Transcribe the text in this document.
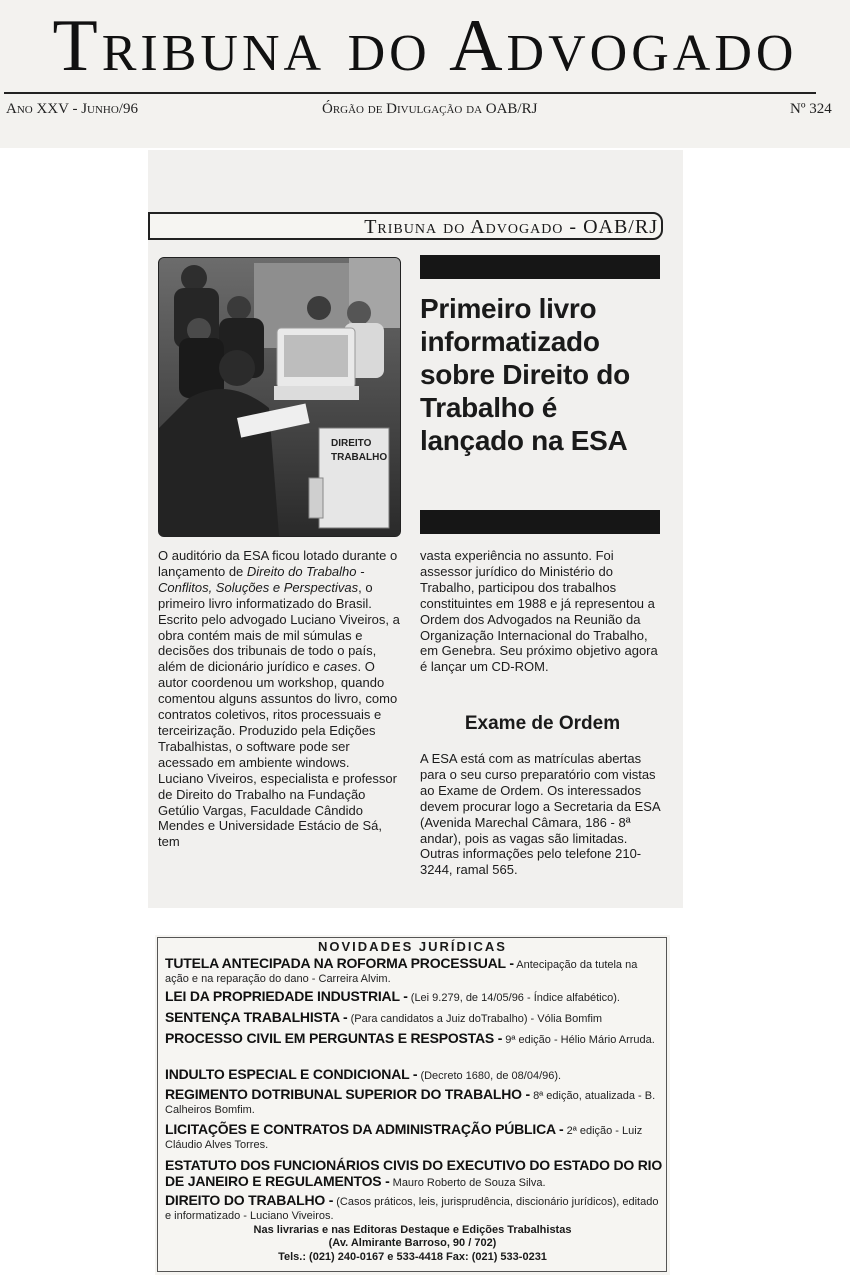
Tribuna do Advogado
Ano XXV - Junho/96	Órgão de Divulgação da OAB/RJ	Nº 324
Tribuna do Advogado - OAB/RJ
DIREITO
TRABALHO
Primeiro livro informatizado sobre Direito do Trabalho é lançado na ESA
O auditório da ESA ficou lotado durante o lançamento de Direito do Trabalho - Conflitos, Soluções e Perspectivas, o primeiro livro informatizado do Brasil. Escrito pelo advogado Luciano Viveiros, a obra contém mais de mil súmulas e decisões dos tribunais de todo o país, além de dicionário jurídico e cases. O autor coordenou um workshop, quando comentou alguns assuntos do livro, como contratos coletivos, ritos processuais e terceirização. Produzido pela Edições Trabalhistas, o software pode ser acessado em ambiente windows.
Luciano Viveiros, especialista e professor de Direito do Trabalho na Fundação Getúlio Vargas, Faculdade Cândido Mendes e Universidade Estácio de Sá, tem
vasta experiência no assunto. Foi assessor jurídico do Ministério do Trabalho, participou dos trabalhos constituintes em 1988 e já representou a Ordem dos Advogados na Reunião da Organização Internacional do Trabalho, em Genebra. Seu próximo objetivo agora é lançar um CD-ROM.
Exame de Ordem
A ESA está com as matrículas abertas para o seu curso preparatório com vistas ao Exame de Ordem. Os interessados devem procurar logo a Secretaria da ESA (Avenida Marechal Câmara, 186 - 8ª andar), pois as vagas são limitadas. Outras informações pelo telefone 210-3244, ramal 565.
NOVIDADES JURÍDICAS
TUTELA ANTECIPADA NA ROFORMA PROCESSUAL - Antecipação da tutela na ação e na reparação do dano - Carreira Alvim.
LEI DA PROPRIEDADE INDUSTRIAL - (Lei 9.279, de 14/05/96 - Índice alfabético).
SENTENÇA TRABALHISTA - (Para candidatos a Juiz doTrabalho) - Vólia Bomfim
PROCESSO CIVIL EM PERGUNTAS E RESPOSTAS - 9ª edição - Hélio Mário Arruda.
INDULTO ESPECIAL E CONDICIONAL - (Decreto 1680, de 08/04/96).
REGIMENTO DOTRIBUNAL SUPERIOR DO TRABALHO - 8ª edição, atualizada - B. Calheiros Bomfim.
LICITAÇÕES E CONTRATOS DA ADMINISTRAÇÃO PÚBLICA - 2ª edição - Luiz Cláudio Alves Torres.
ESTATUTO DOS FUNCIONÁRIOS CIVIS DO EXECUTIVO DO ESTADO DO RIO DE JANEIRO E REGULAMENTOS - Mauro Roberto de Souza Silva.
DIREITO DO TRABALHO - (Casos práticos, leis, jurisprudência, discionário jurídicos), editado e informatizado - Luciano Viveiros.
Nas livrarias e nas Editoras Destaque e Edições Trabalhistas
(Av. Almirante Barroso, 90 / 702)
Tels.: (021) 240-0167 e 533-4418 Fax: (021) 533-0231
